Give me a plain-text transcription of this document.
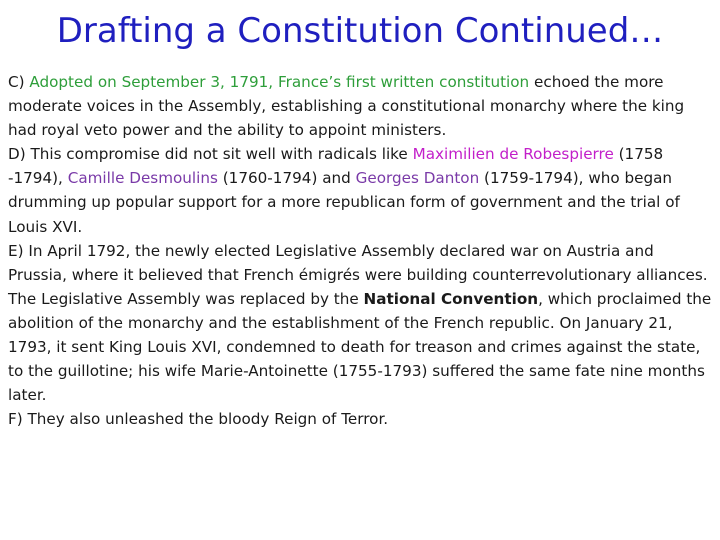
Drafting a Constitution Continued…

C) Adopted on September 3, 1791, France’s first written constitution echoed the more moderate voices in the Assembly, establishing a constitutional monarchy where the king had royal veto power and the ability to appoint ministers.

D) This compromise did not sit well with radicals like Maximilien de Robespierre (1758 -1794), Camille Desmoulins (1760-1794) and Georges Danton (1759-1794), who began drumming up popular support for a more republican form of government and the trial of Louis XVI.

E) In April 1792, the newly elected Legislative Assembly declared war on Austria and Prussia, where it believed that French émigrés were building counterrevolutionary alliances. The Legislative Assembly was replaced by the National Convention, which proclaimed the abolition of the monarchy and the establishment of the French republic. On January 21, 1793, it sent King Louis XVI, condemned to death for treason and crimes against the state, to the guillotine; his wife Marie-Antoinette (1755-1793) suffered the same fate nine months later.

F) They also unleashed the bloody Reign of Terror.
